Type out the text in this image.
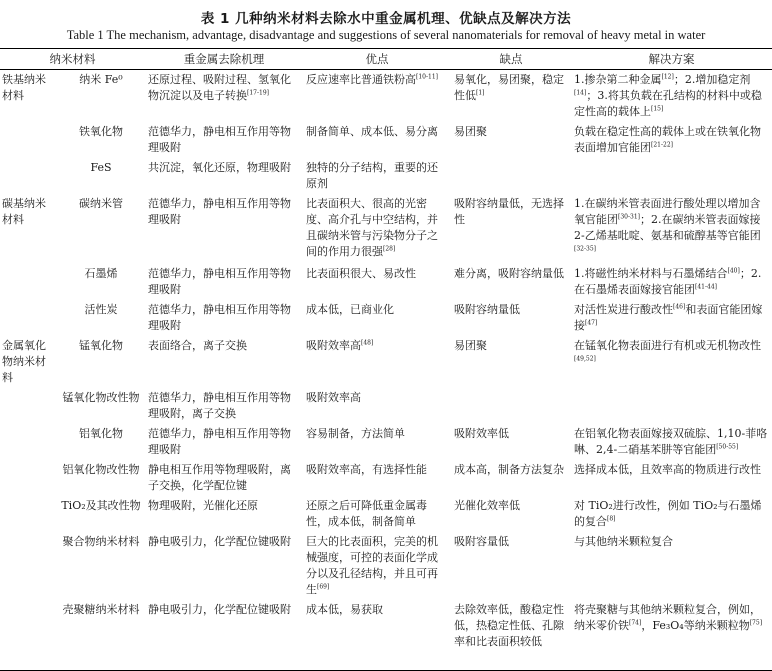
表 1 几种纳米材料去除水中重金属机理、优缺点及解决方法
Table 1 The mechanism, advantage, disadvantage and suggestions of several nanomaterials for removal of heavy metal in water
纳米材料		重金属去除机理	优点	缺点	解决方案
铁基纳米材料	纳米 Fe⁰	还原过程、吸附过程、氢氧化物沉淀以及电子转换[17-19]	反应速率比普通铁粉高[10-11]	易氧化，易团聚，稳定性低[1]	1.掺杂第二种金属[12]；2.增加稳定剂[14]；3.将其负载在孔结构的材料中或稳定性高的载体上[15]
	铁氧化物	范德华力，静电相互作用等物理吸附	制备简单、成本低、易分离	易团聚	负载在稳定性高的载体上或在铁氧化物表面增加官能团[21-22]
	FeS	共沉淀，氧化还原，物理吸附	独特的分子结构，重要的还原剂		
碳基纳米材料	碳纳米管	范德华力，静电相互作用等物理吸附	比表面积大、很高的光密度、高介孔与中空结构，并且碳纳米管与污染物分子之间的作用力很强[28]	吸附容纳量低，无选择性	1.在碳纳米管表面进行酸处理以增加含氧官能团[30-31]；2.在碳纳米管表面嫁接 2-乙烯基吡啶、氨基和硫醇基等官能团[32-35]
	石墨烯	范德华力，静电相互作用等物理吸附	比表面积很大、易改性	难分离，吸附容纳量低	1.将磁性纳米材料与石墨烯结合[40]；2.在石墨烯表面嫁接官能团[41-44]
	活性炭	范德华力，静电相互作用等物理吸附	成本低，已商业化	吸附容纳量低	对活性炭进行酸改性[46]和表面官能团嫁接[47]
金属氧化物纳米材料	锰氧化物	表面络合，离子交换	吸附效率高[48]	易团聚	在锰氧化物表面进行有机或无机物改性[49,52]
	锰氧化物改性物	范德华力，静电相互作用等物理吸附，离子交换	吸附效率高		
	铝氧化物	范德华力，静电相互作用等物理吸附	容易制备，方法简单	吸附效率低	在铝氧化物表面嫁接双硫腙、1,10-菲咯啉、2,4-二硝基苯肼等官能团[50-55]
	铝氧化物改性物	静电相互作用等物理吸附，离子交换，化学配位键	吸附效率高，有选择性能	成本高，制备方法复杂	选择成本低，且效率高的物质进行改性
	TiO₂及其改性物	物理吸附，光催化还原	还原之后可降低重金属毒性，成本低，制备简单	光催化效率低	对 TiO₂进行改性，例如 TiO₂与石墨烯的复合[8]
	聚合物纳米材料	静电吸引力，化学配位键吸附	巨大的比表面积，完美的机械强度，可控的表面化学成分以及孔径结构，并且可再生[69]	吸附容量低	与其他纳米颗粒复合
	壳聚糖纳米材料	静电吸引力，化学配位键吸附	成本低，易获取	去除效率低，酸稳定性低，热稳定性低、孔隙率和比表面积较低	将壳聚糖与其他纳米颗粒复合，例如，纳米零价铁[74]，Fe₃O₄等纳米颗粒物[75]
